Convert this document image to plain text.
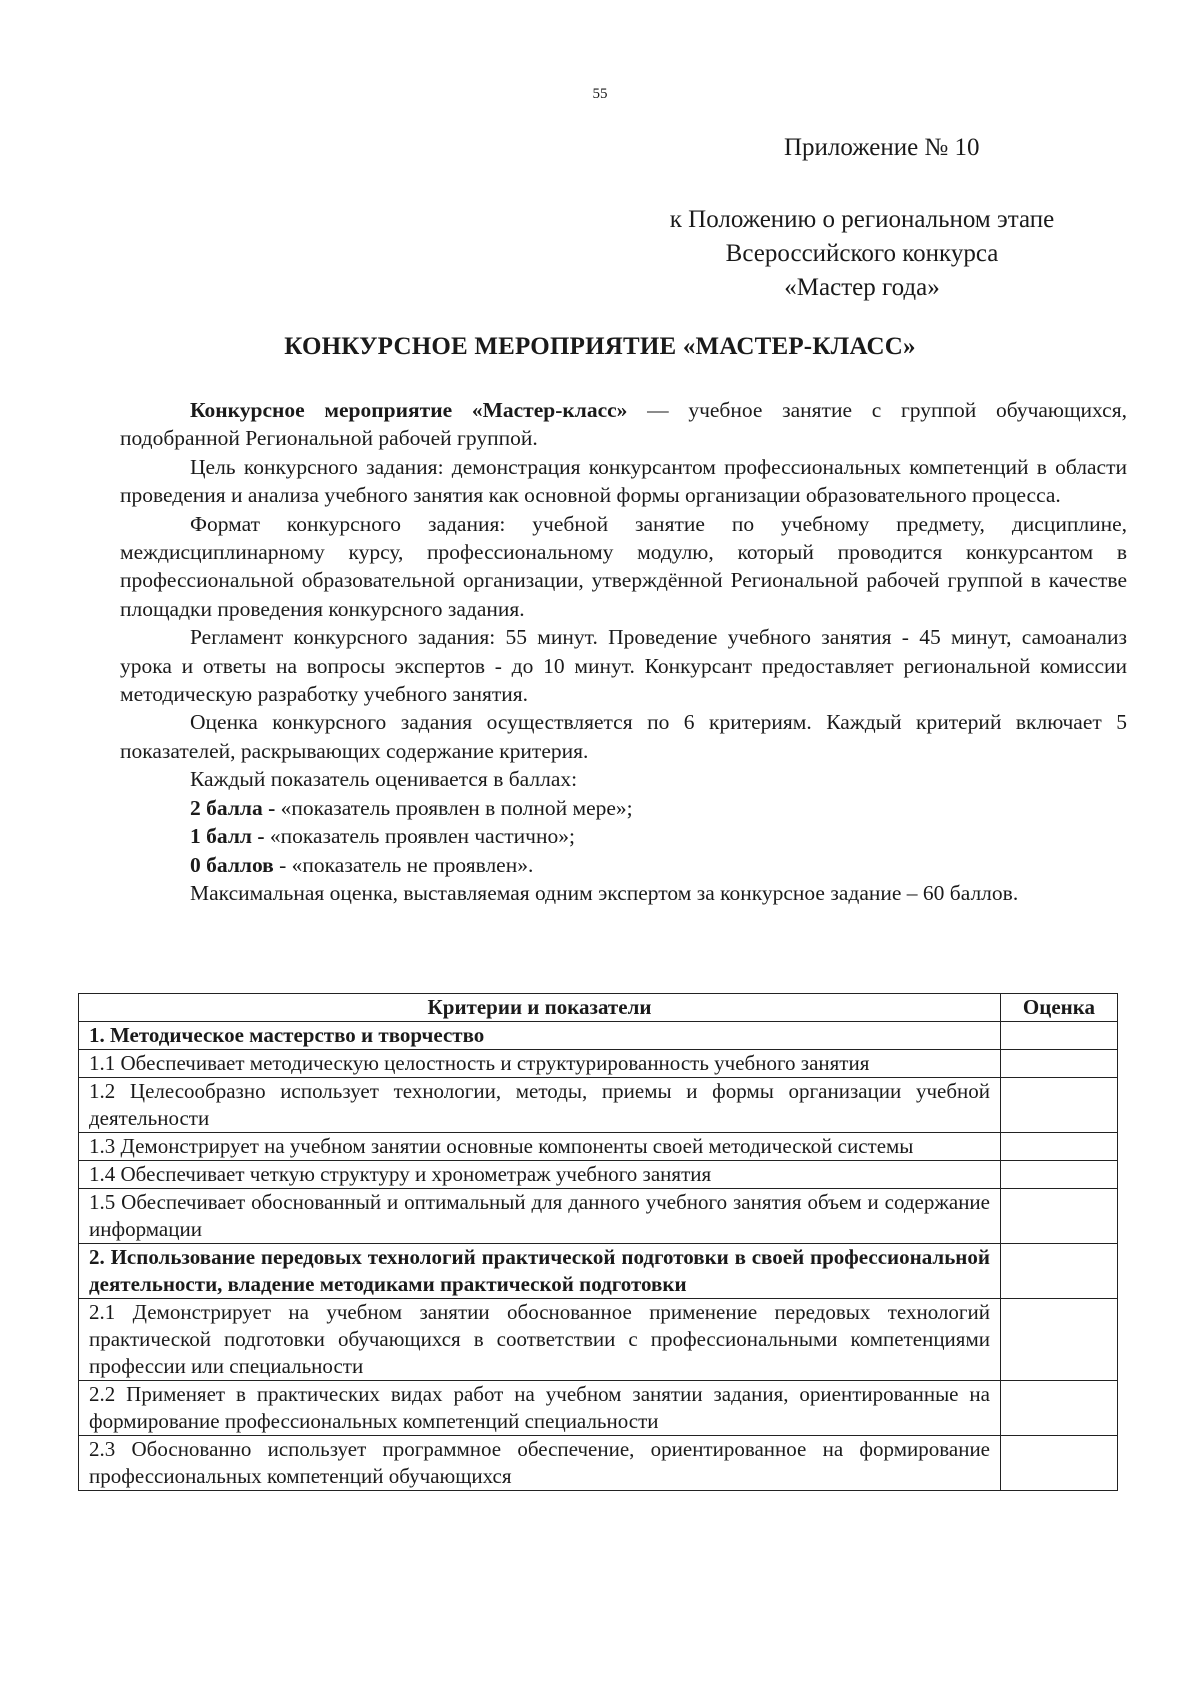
55
Приложение № 10
к Положению о региональном этапе
Всероссийского конкурса
«Мастер года»
КОНКУРСНОЕ МЕРОПРИЯТИЕ «МАСТЕР-КЛАСС»

Конкурсное мероприятие «Мастер-класс» — учебное занятие с группой обучающихся, подобранной Региональной рабочей группой.

Цель конкурсного задания: демонстрация конкурсантом профессиональных компетенций в области проведения и анализа учебного занятия как основной формы организации образовательного процесса.

Формат конкурсного задания: учебной занятие по учебному предмету, дисциплине, междисциплинарному курсу, профессиональному модулю, который проводится конкурсантом в профессиональной образовательной организации, утверждённой Региональной рабочей группой в качестве площадки проведения конкурсного задания.

Регламент конкурсного задания: 55 минут. Проведение учебного занятия - 45 минут, самоанализ урока и ответы на вопросы экспертов - до 10 минут. Конкурсант предоставляет региональной комиссии методическую разработку учебного занятия.

Оценка конкурсного задания осуществляется по 6 критериям. Каждый критерий включает 5 показателей, раскрывающих содержание критерия.

Каждый показатель оценивается в баллах:

2 балла - «показатель проявлен в полной мере»;

1 балл - «показатель проявлен частично»;

0 баллов - «показатель не проявлен».

Максимальная оценка, выставляемая одним экспертом за конкурсное задание – 60 баллов.

Критерии и показатели	Оценка
1. Методическое мастерство и творчество	
1.1 Обеспечивает методическую целостность и структурированность учебного занятия	
1.2 Целесообразно использует технологии, методы, приемы и формы организации учебной деятельности	
1.3 Демонстрирует на учебном занятии основные компоненты своей методической системы	
1.4 Обеспечивает четкую структуру и хронометраж учебного занятия	
1.5 Обеспечивает обоснованный и оптимальный для данного учебного занятия объем и содержание информации	
2. Использование передовых технологий практической подготовки в своей профессиональной деятельности, владение методиками практической подготовки	
2.1 Демонстрирует на учебном занятии обоснованное применение передовых технологий практической подготовки обучающихся в соответствии с профессиональными компетенциями профессии или специальности	
2.2 Применяет в практических видах работ на учебном занятии задания, ориентированные на формирование профессиональных компетенций специальности	
2.3 Обоснованно использует программное обеспечение, ориентированное на формирование профессиональных компетенций обучающихся	
